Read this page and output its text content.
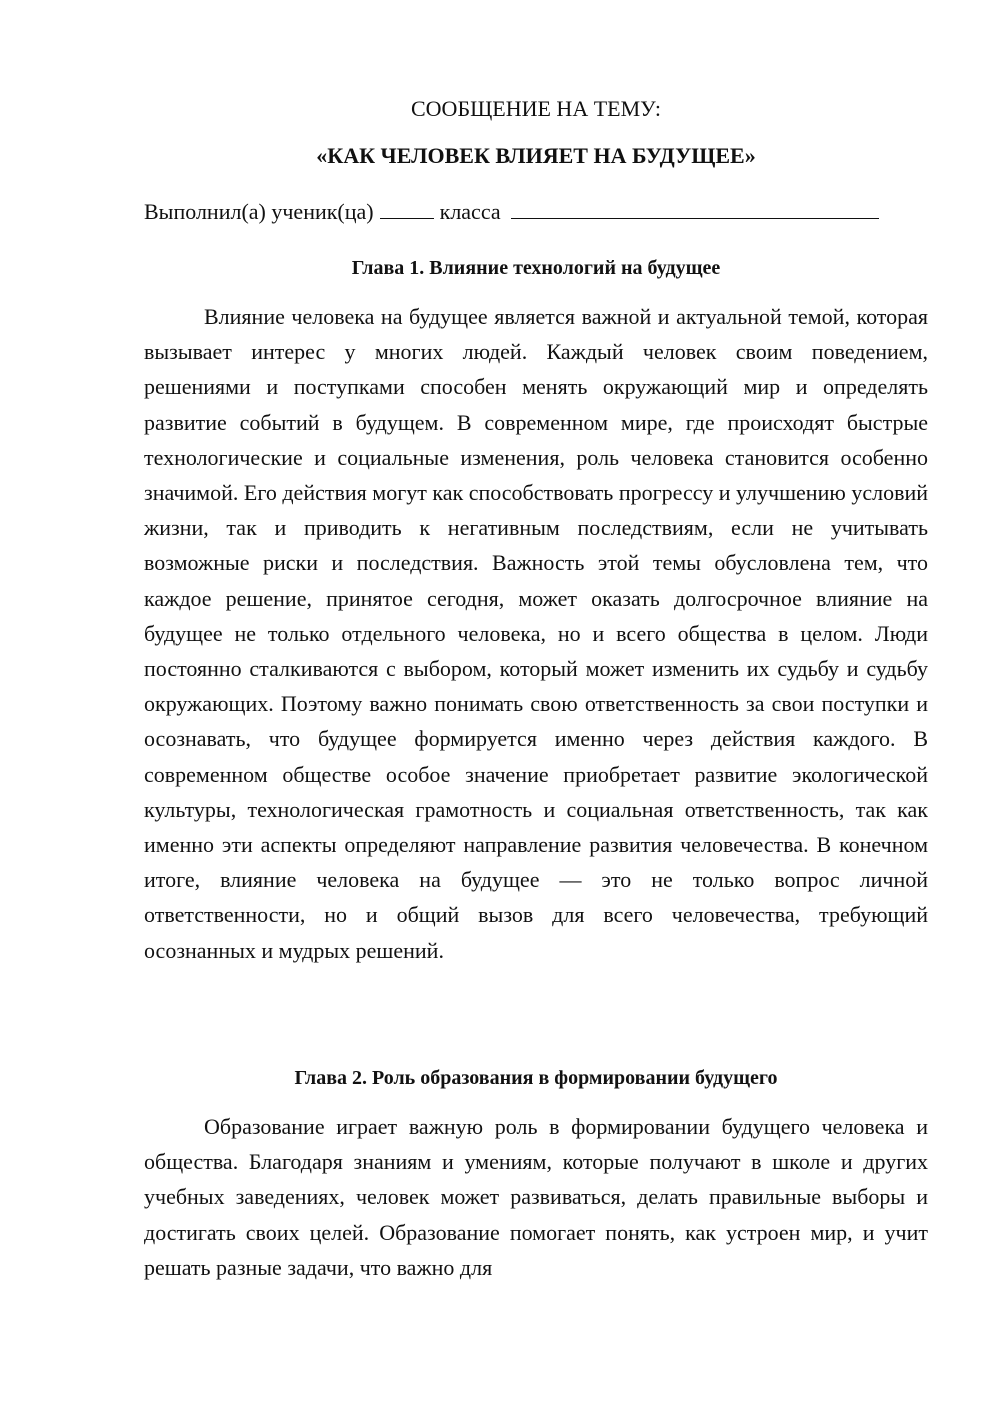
СООБЩЕНИЕ НА ТЕМУ:
«КАК ЧЕЛОВЕК ВЛИЯЕТ НА БУДУЩЕЕ»
Выполнил(а) ученик(ца)	класса
Глава 1. Влияние технологий на будущее

Влияние человека на будущее является важной и актуальной темой, которая вызывает интерес у многих людей. Каждый человек своим поведением, решениями и поступками способен менять окружающий мир и определять развитие событий в будущем. В современном мире, где происходят быстрые технологические и социальные изменения, роль человека становится особенно значимой. Его действия могут как способствовать прогрессу и улучшению условий жизни, так и приводить к негативным последствиям, если не учитывать возможные риски и последствия. Важность этой темы обусловлена тем, что каждое решение, принятое сегодня, может оказать долгосрочное влияние на будущее не только отдельного человека, но и всего общества в целом. Люди постоянно сталкиваются с выбором, который может изменить их судьбу и судьбу окружающих. Поэтому важно понимать свою ответственность за свои поступки и осознавать, что будущее формируется именно через действия каждого. В современном обществе особое значение приобретает развитие экологической культуры, технологическая грамотность и социальная ответственность, так как именно эти аспекты определяют направление развития человечества. В конечном итоге, влияние человека на будущее — это не только вопрос личной ответственности, но и общий вызов для всего человечества, требующий осознанных и мудрых решений.

Глава 2. Роль образования в формировании будущего

Образование играет важную роль в формировании будущего человека и общества. Благодаря знаниям и умениям, которые получают в школе и других учебных заведениях, человек может развиваться, делать правильные выборы и достигать своих целей. Образование помогает понять, как устроен мир, и учит решать разные задачи, что важно для
